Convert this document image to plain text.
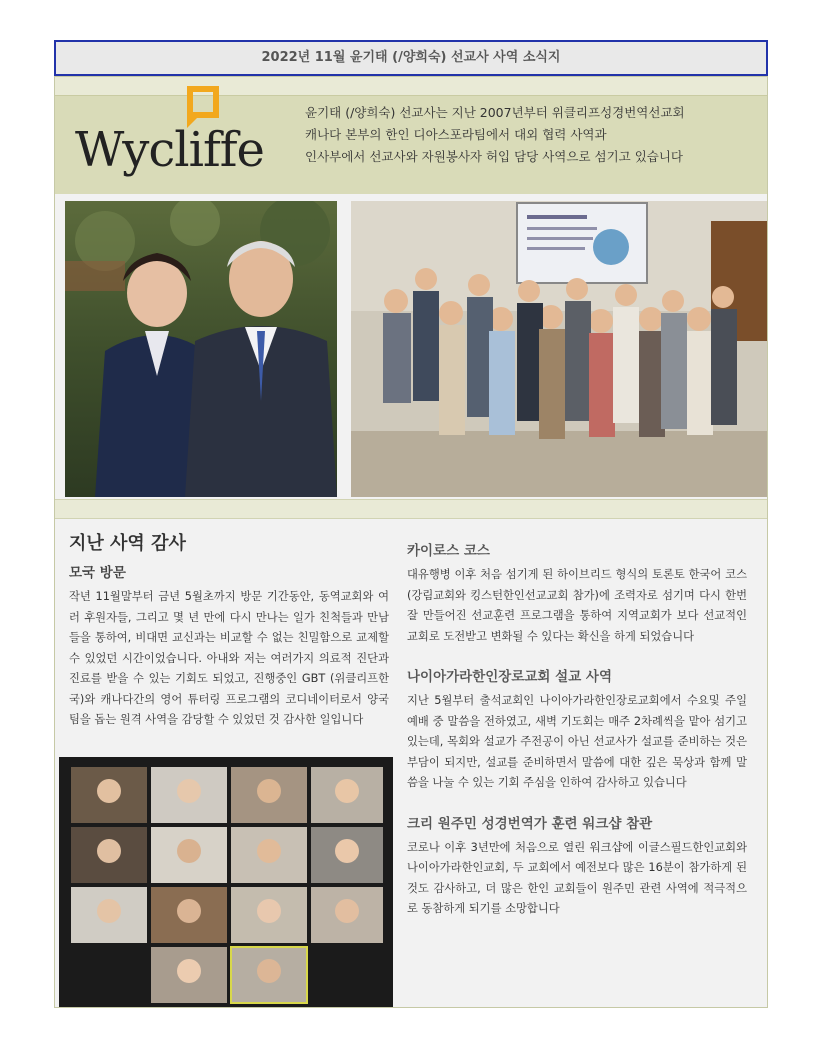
2022년 11월 윤기태 (/양희숙) 선교사 사역 소식지
Wycliffe

윤기태 (/양희숙) 선교사는 지난 2007년부터 위클리프성경번역선교회

캐나다 본부의 한인 디아스포라팀에서 대외 협력 사역과

인사부에서 선교사와 자원봉사자 허입 담당 사역으로 섬기고 있습니다

지난 사역 감사
모국 방문

작년 11월말부터 금년 5월초까지 방문 기간동안, 동역교회와 여러 후원자들, 그리고 몇 년 만에 다시 만나는 일가 친척들과 만남들을 통하여, 비대면 교신과는 비교할 수 없는 친밀함으로 교제할 수 있었던 시간이었습니다. 아내와 저는 여러가지 의료적 진단과 진료를 받을 수 있는 기회도 되었고, 진행중인 GBT (위클리프한국)와 캐나다간의 영어 튜터링 프로그램의 코디네이터로서 양국팀을 돕는 원격 사역을 감당할 수 있었던 것 감사한 일입니다

카이로스 코스

대유행병 이후 처음 섬기게 된 하이브리드 형식의 토론토 한국어 코스(강림교회와 킹스턴한인선교교회 참가)에 조력자로 섬기며 다시 한번 잘 만들어진 선교훈련 프로그램을 통하여 지역교회가 보다 선교적인 교회로 도전받고 변화될 수 있다는 확신을 하게 되었습니다

나이아가라한인장로교회 설교 사역

지난 5월부터 출석교회인 나이아가라한인장로교회에서 수요및 주일 예배 중 말씀을 전하였고, 새벽 기도회는 매주 2차례씩을 맡아 섬기고 있는데, 목회와 설교가 주전공이 아닌 선교사가 설교를 준비하는 것은 부담이 되지만, 설교를 준비하면서 말씀에 대한 깊은 묵상과 함께 말씀을 나눌 수 있는 기회 주심을 인하여 감사하고 있습니다

크리 원주민 성경번역가 훈련 워크샵 참관

코로나 이후 3년만에 처음으로 열린 워크샵에 이글스필드한인교회와 나이아가라한인교회, 두 교회에서 예전보다 많은 16분이 참가하게 된 것도 감사하고, 더 많은 한인 교회들이 원주민 관련 사역에 적극적으로 동참하게 되기를 소망합니다
